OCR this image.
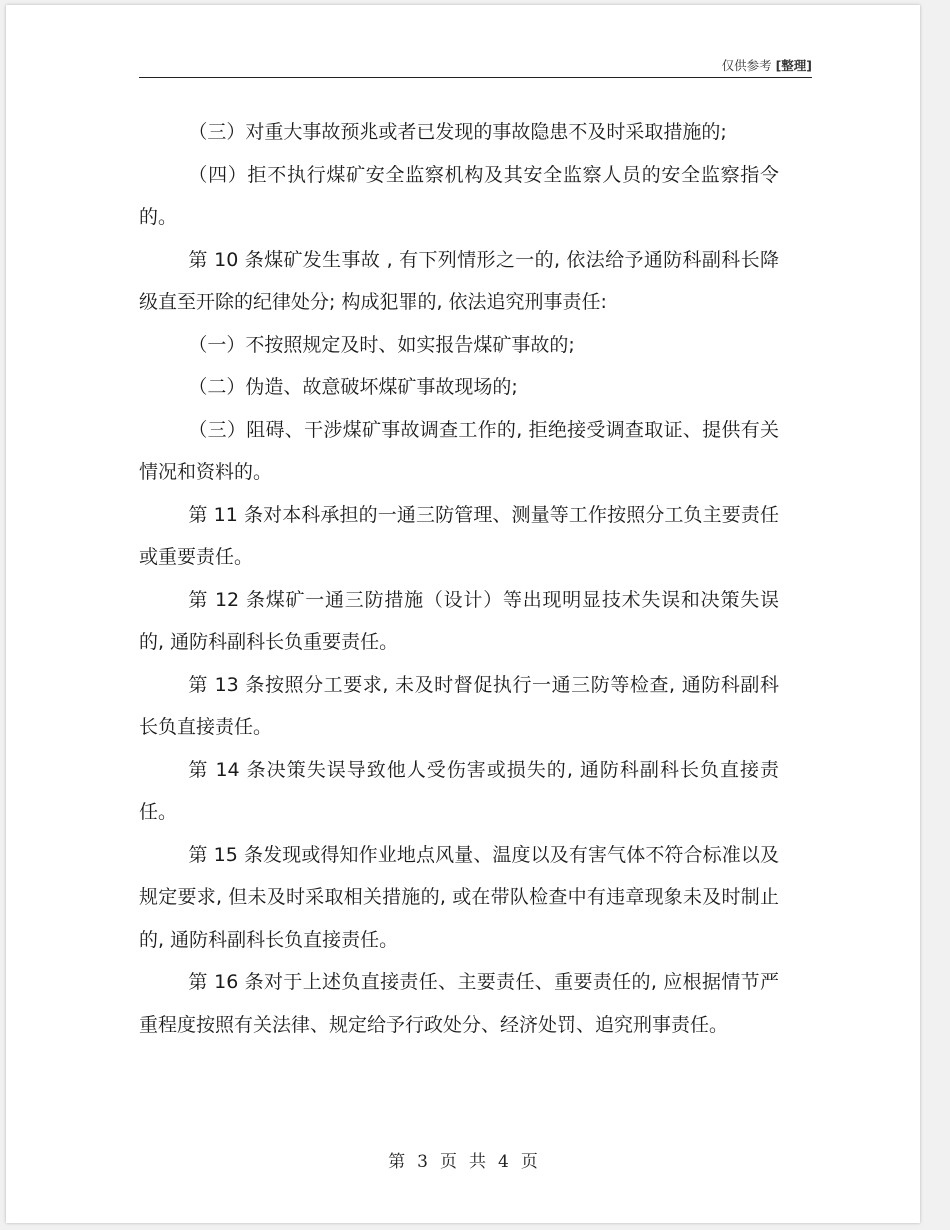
仅供参考 [整理]

（三）对重大事故预兆或者已发现的事故隐患不及时采取措施的;

（四）拒不执行煤矿安全监察机构及其安全监察人员的安全监察指令的。

第 10 条煤矿发生事故 , 有下列情形之一的, 依法给予通防科副科长降级直至开除的纪律处分; 构成犯罪的, 依法追究刑事责任:

（一）不按照规定及时、如实报告煤矿事故的;

（二）伪造、故意破坏煤矿事故现场的;

（三）阻碍、干涉煤矿事故调查工作的, 拒绝接受调查取证、提供有关情况和资料的。

第 11 条对本科承担的一通三防管理、测量等工作按照分工负主要责任或重要责任。

第 12 条煤矿一通三防措施（设计）等出现明显技术失误和决策失误的, 通防科副科长负重要责任。

第 13 条按照分工要求, 未及时督促执行一通三防等检查, 通防科副科长负直接责任。

第 14 条决策失误导致他人受伤害或损失的, 通防科副科长负直接责任。

第 15 条发现或得知作业地点风量、温度以及有害气体不符合标准以及规定要求, 但未及时采取相关措施的, 或在带队检查中有违章现象未及时制止的, 通防科副科长负直接责任。

第 16 条对于上述负直接责任、主要责任、重要责任的, 应根据情节严重程度按照有关法律、规定给予行政处分、经济处罚、追究刑事责任。

第 3 页 共 4 页
